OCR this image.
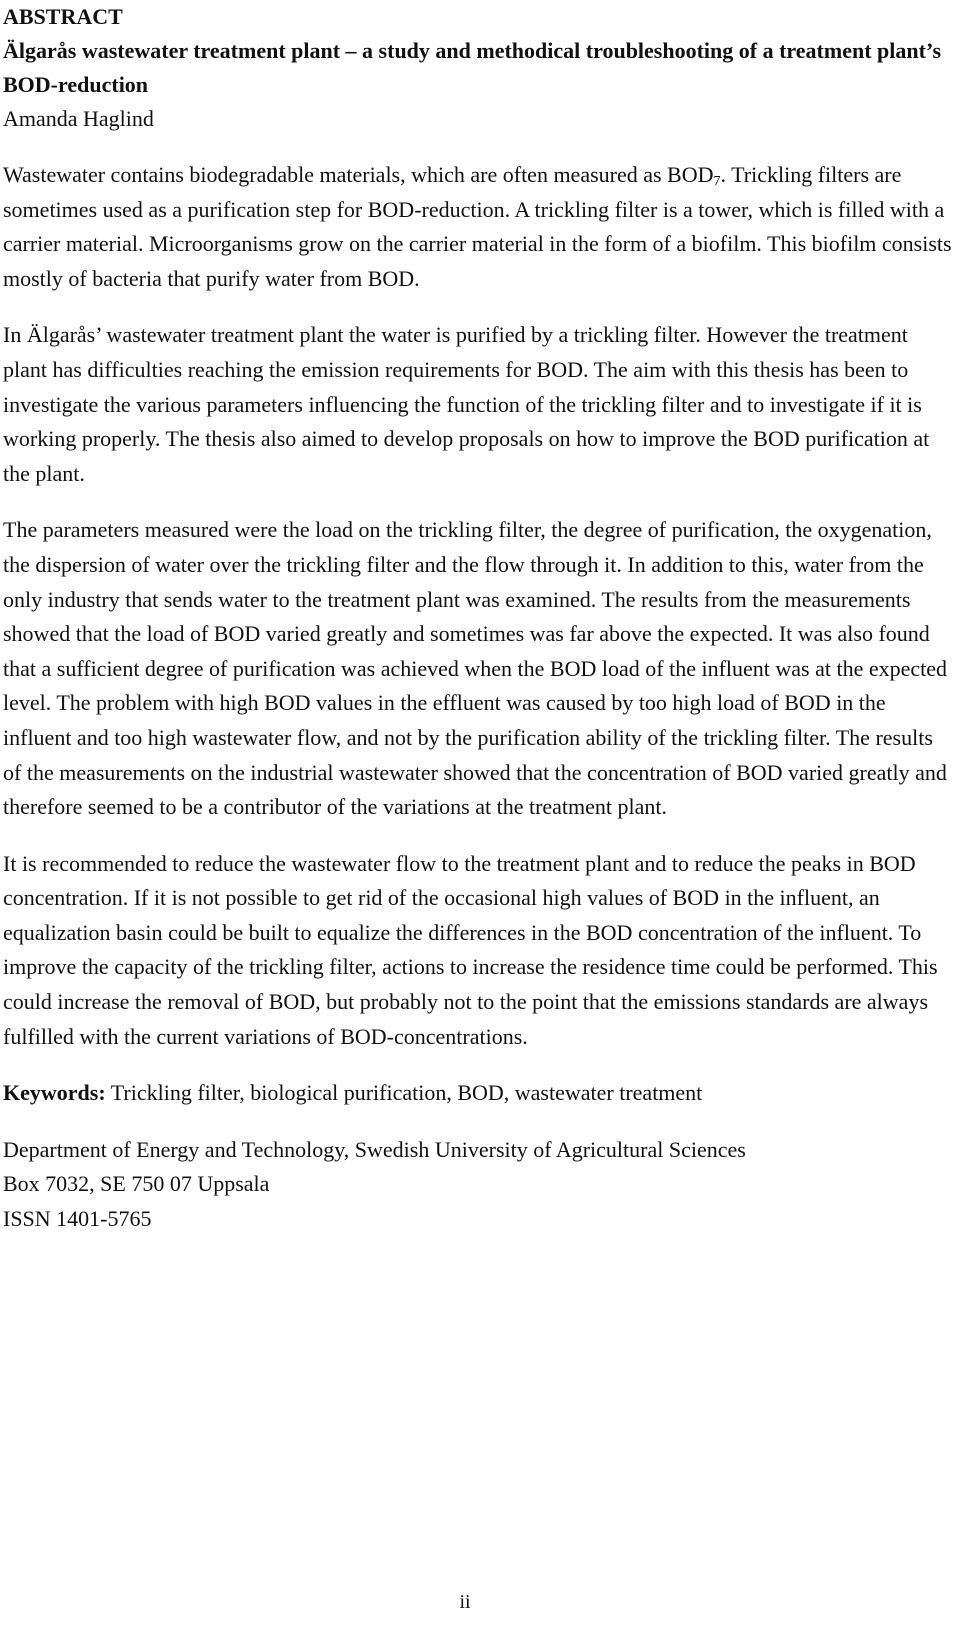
ABSTRACT
Älgarås wastewater treatment plant – a study and methodical troubleshooting of a treatment plant’s BOD-reduction

Amanda Haglind

Wastewater contains biodegradable materials, which are often measured as $BOD_7$. Trickling filters are sometimes used as a purification step for BOD-reduction. A trickling filter is a tower, which is filled with a carrier material. Microorganisms grow on the carrier material in the form of a biofilm. This biofilm consists mostly of bacteria that purify water from BOD.

In Älgarås’ wastewater treatment plant the water is purified by a trickling filter. However the treatment plant has difficulties reaching the emission requirements for BOD. The aim with this thesis has been to investigate the various parameters influencing the function of the trickling filter and to investigate if it is working properly. The thesis also aimed to develop proposals on how to improve the BOD purification at the plant.

The parameters measured were the load on the trickling filter, the degree of purification, the oxygenation, the dispersion of water over the trickling filter and the flow through it. In addition to this, water from the only industry that sends water to the treatment plant was examined. The results from the measurements showed that the load of BOD varied greatly and sometimes was far above the expected. It was also found that a sufficient degree of purification was achieved when the BOD load of the influent was at the expected level. The problem with high BOD values in the effluent was caused by too high load of BOD in the influent and too high wastewater flow, and not by the purification ability of the trickling filter. The results of the measurements on the industrial wastewater showed that the concentration of BOD varied greatly and therefore seemed to be a contributor of the variations at the treatment plant.

It is recommended to reduce the wastewater flow to the treatment plant and to reduce the peaks in BOD concentration. If it is not possible to get rid of the occasional high values of BOD in the influent, an equalization basin could be built to equalize the differences in the BOD concentration of the influent. To improve the capacity of the trickling filter, actions to increase the residence time could be performed. This could increase the removal of BOD, but probably not to the point that the emissions standards are always fulfilled with the current variations of BOD-concentrations.

Keywords: Trickling filter, biological purification, BOD, wastewater treatment

Department of Energy and Technology, Swedish University of Agricultural Sciences

Box 7032, SE 750 07 Uppsala

ISSN 1401-5765

ii
